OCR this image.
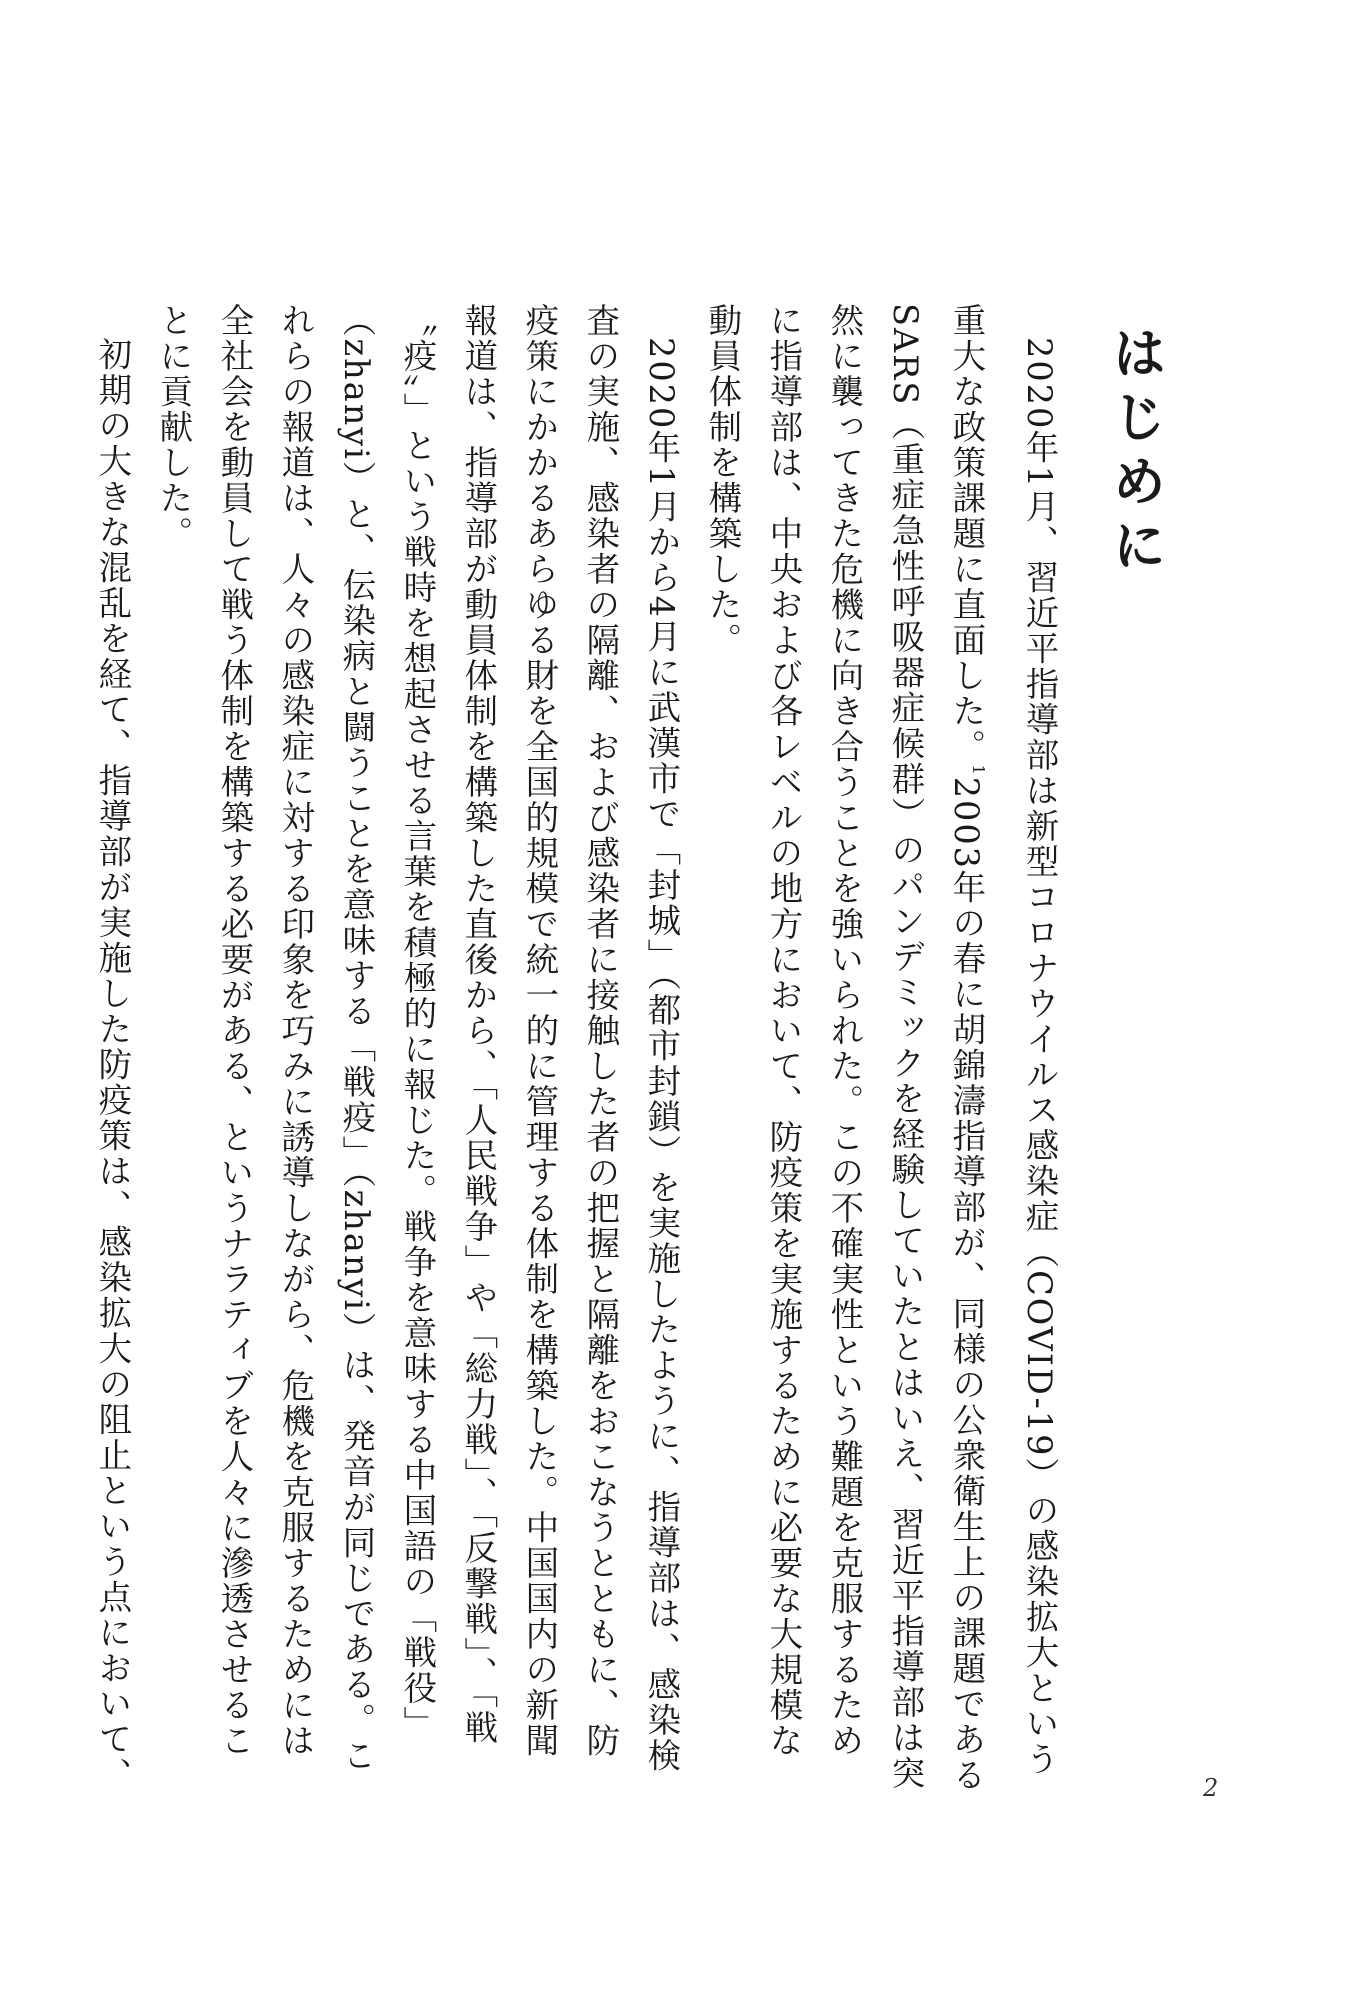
はじめに

2020年1月、習近平指導部は新型コロナウイルス感染症（COVID-19）の感染拡大という重大な政策課題に直面した。$^1$2003年の春に胡錦濤指導部が、同様の公衆衛生上の課題であるSARS（重症急性呼吸器症候群）のパンデミックを経験していたとはいえ、習近平指導部は突然に襲ってきた危機に向き合うことを強いられた。この不確実性という難題を克服するために指導部は、中央および各レベルの地方において、防疫策を実施するために必要な大規模な動員体制を構築した。

2020年1月から4月に武漢市で「封城」（都市封鎖）を実施したように、指導部は、感染検査の実施、感染者の隔離、および感染者に接触した者の把握と隔離をおこなうとともに、防疫策にかかるあらゆる財を全国的規模で統一的に管理する体制を構築した。中国国内の新聞報道は、指導部が動員体制を構築した直後から、「人民戦争」や「総力戦」、「反撃戦」、「戦〝疫〟」という戦時を想起させる言葉を積極的に報じた。戦争を意味する中国語の「戦役」（zhanyi）と、伝染病と闘うことを意味する「戦疫」（zhanyi）は、発音が同じである。これらの報道は、人々の感染症に対する印象を巧みに誘導しながら、危機を克服するためには全社会を動員して戦う体制を構築する必要がある、というナラティブを人々に滲透させることに貢献した。

初期の大きな混乱を経て、指導部が実施した防疫策は、感染拡大の阻止という点において、	2
